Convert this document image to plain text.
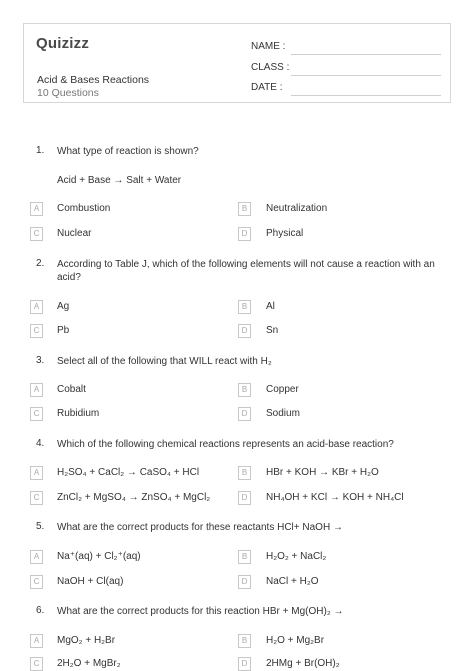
Quizizz
Acid & Bases Reactions
10 Questions
NAME :
CLASS :
DATE :
1. What type of reaction is shown?
Acid + Base → Salt + Water
A	Combustion	B	Neutralization
C	Nuclear	D	Physical
2. According to Table J, which of the following elements will not cause a reaction with an acid?
A	Ag	B	Al
C	Pb	D	Sn
3. Select all of the following that WILL react with H₂
A	Cobalt	B	Copper
C	Rubidium	D	Sodium
4. Which of the following chemical reactions represents an acid-base reaction?
A	H₂SO₄ + CaCl₂ → CaSO₄ + HCl	B	HBr + KOH → KBr + H₂O
C	ZnCl₂ + MgSO₄ → ZnSO₄ + MgCl₂	D	NH₄OH + KCl → KOH + NH₄Cl
5. What are the correct products for these reactants HCl+ NaOH →
A	Na⁺(aq) + Cl₂⁺(aq)	B	H₂O₂ + NaCl₂
C	NaOH + Cl(aq)	D	NaCl + H₂O
6. What are the correct products for this reaction HBr + Mg(OH)₂ →
A	MgO₂ + H₂Br	B	H₂O + Mg₂Br
C	2H₂O + MgBr₂	D	2HMg + Br(OH)₂
